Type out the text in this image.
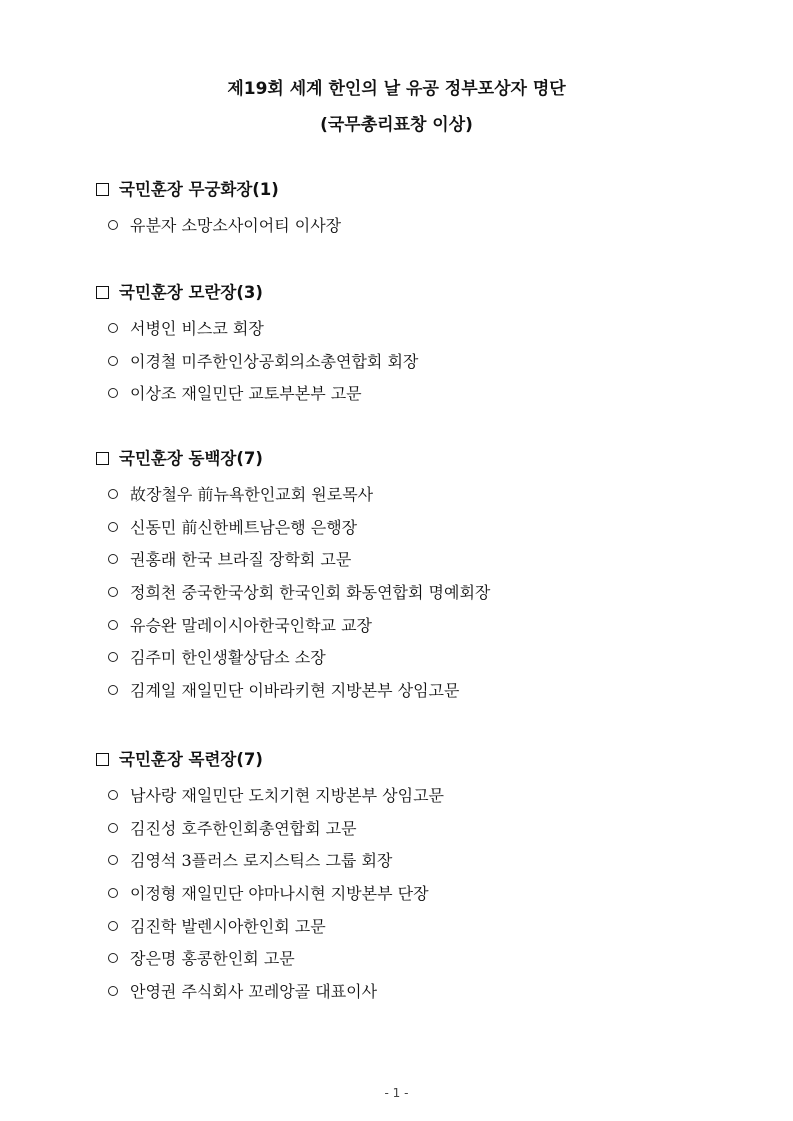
제19회 세계 한인의 날 유공 정부포상자 명단
(국무총리표창 이상)
국민훈장 무궁화장(1)
유분자 소망소사이어티 이사장
국민훈장 모란장(3)
서병인 비스코 회장
이경철 미주한인상공회의소총연합회 회장
이상조 재일민단 교토부본부 고문
국민훈장 동백장(7)
故장철우 前뉴욕한인교회 원로목사
신동민 前신한베트남은행 은행장
권홍래 한국 브라질 장학회 고문
정희천 중국한국상회 한국인회 화동연합회 명예회장
유승완 말레이시아한국인학교 교장
김주미 한인생활상담소 소장
김계일 재일민단 이바라키현 지방본부 상임고문
국민훈장 목련장(7)
남사랑 재일민단 도치기현 지방본부 상임고문
김진성 호주한인회총연합회 고문
김영석 3플러스 로지스틱스 그룹 회장
이정형 재일민단 야마나시현 지방본부 단장
김진학 발렌시아한인회 고문
장은명 홍콩한인회 고문
안영권 주식회사 꼬레앙골 대표이사
- 1 -
